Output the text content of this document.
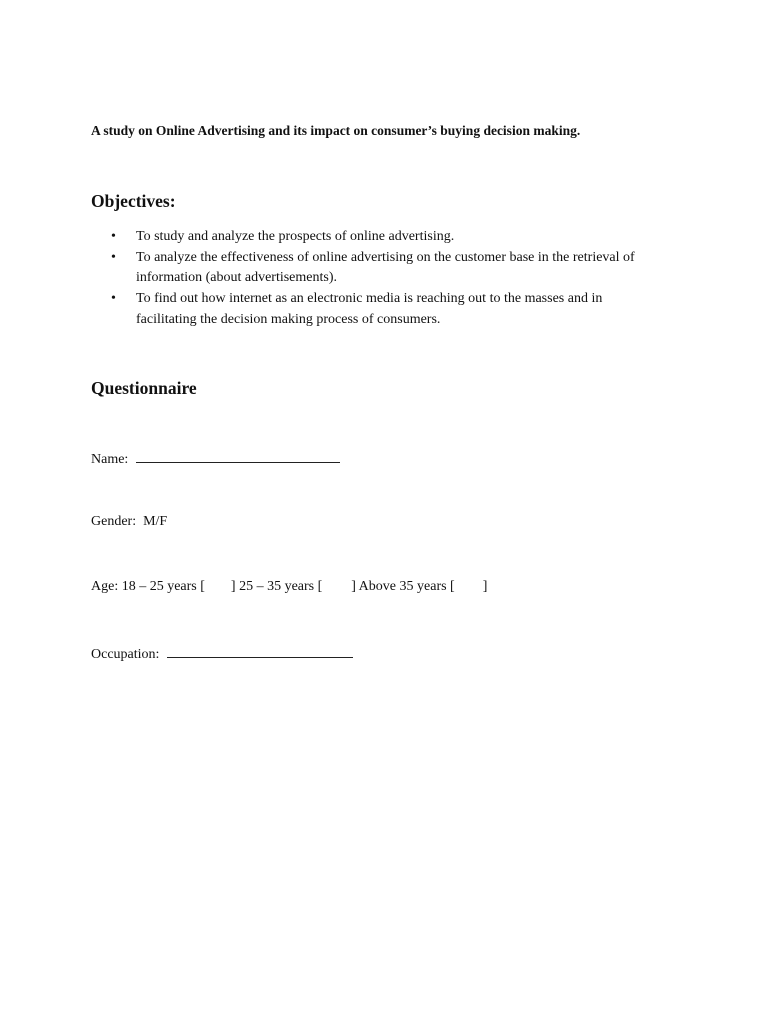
A study on Online Advertising and its impact on consumer’s buying decision making.
Objectives:
• To study and analyze the prospects of online advertising.
• To analyze the effectiveness of online advertising on the customer base in the retrieval of
information (about advertisements).
• To find out how internet as an electronic media is reaching out to the masses and in
facilitating the decision making process of consumers.
Questionnaire
Name:
Gender: M/F
Age: 18 – 25 years [ ] 25 – 35 years [ ] Above 35 years [ ]
Occupation:
